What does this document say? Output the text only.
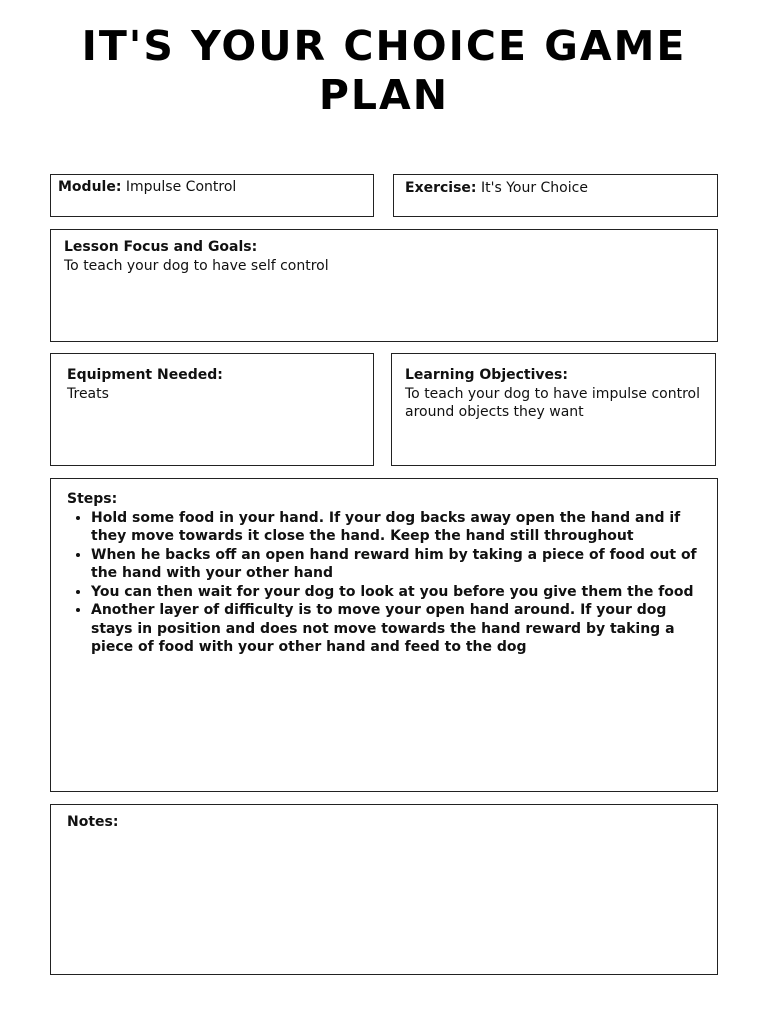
IT'S YOUR CHOICE GAME PLAN
Module: Impulse Control	Exercise: It's Your Choice
Lesson Focus and Goals:
To teach your dog to have self control
Equipment Needed:
Treats
Learning Objectives:
To teach your dog to have impulse control around objects they want
Steps:
• Hold some food in your hand. If your dog backs away open the hand and if they move towards it close the hand. Keep the hand still throughout
• When he backs off an open hand reward him by taking a piece of food out of the hand with your other hand
• You can then wait for your dog to look at you before you give them the food
• Another layer of difficulty is to move your open hand around. If your dog stays in position and does not move towards the hand reward by taking a piece of food with your other hand and feed to the dog
Notes:
